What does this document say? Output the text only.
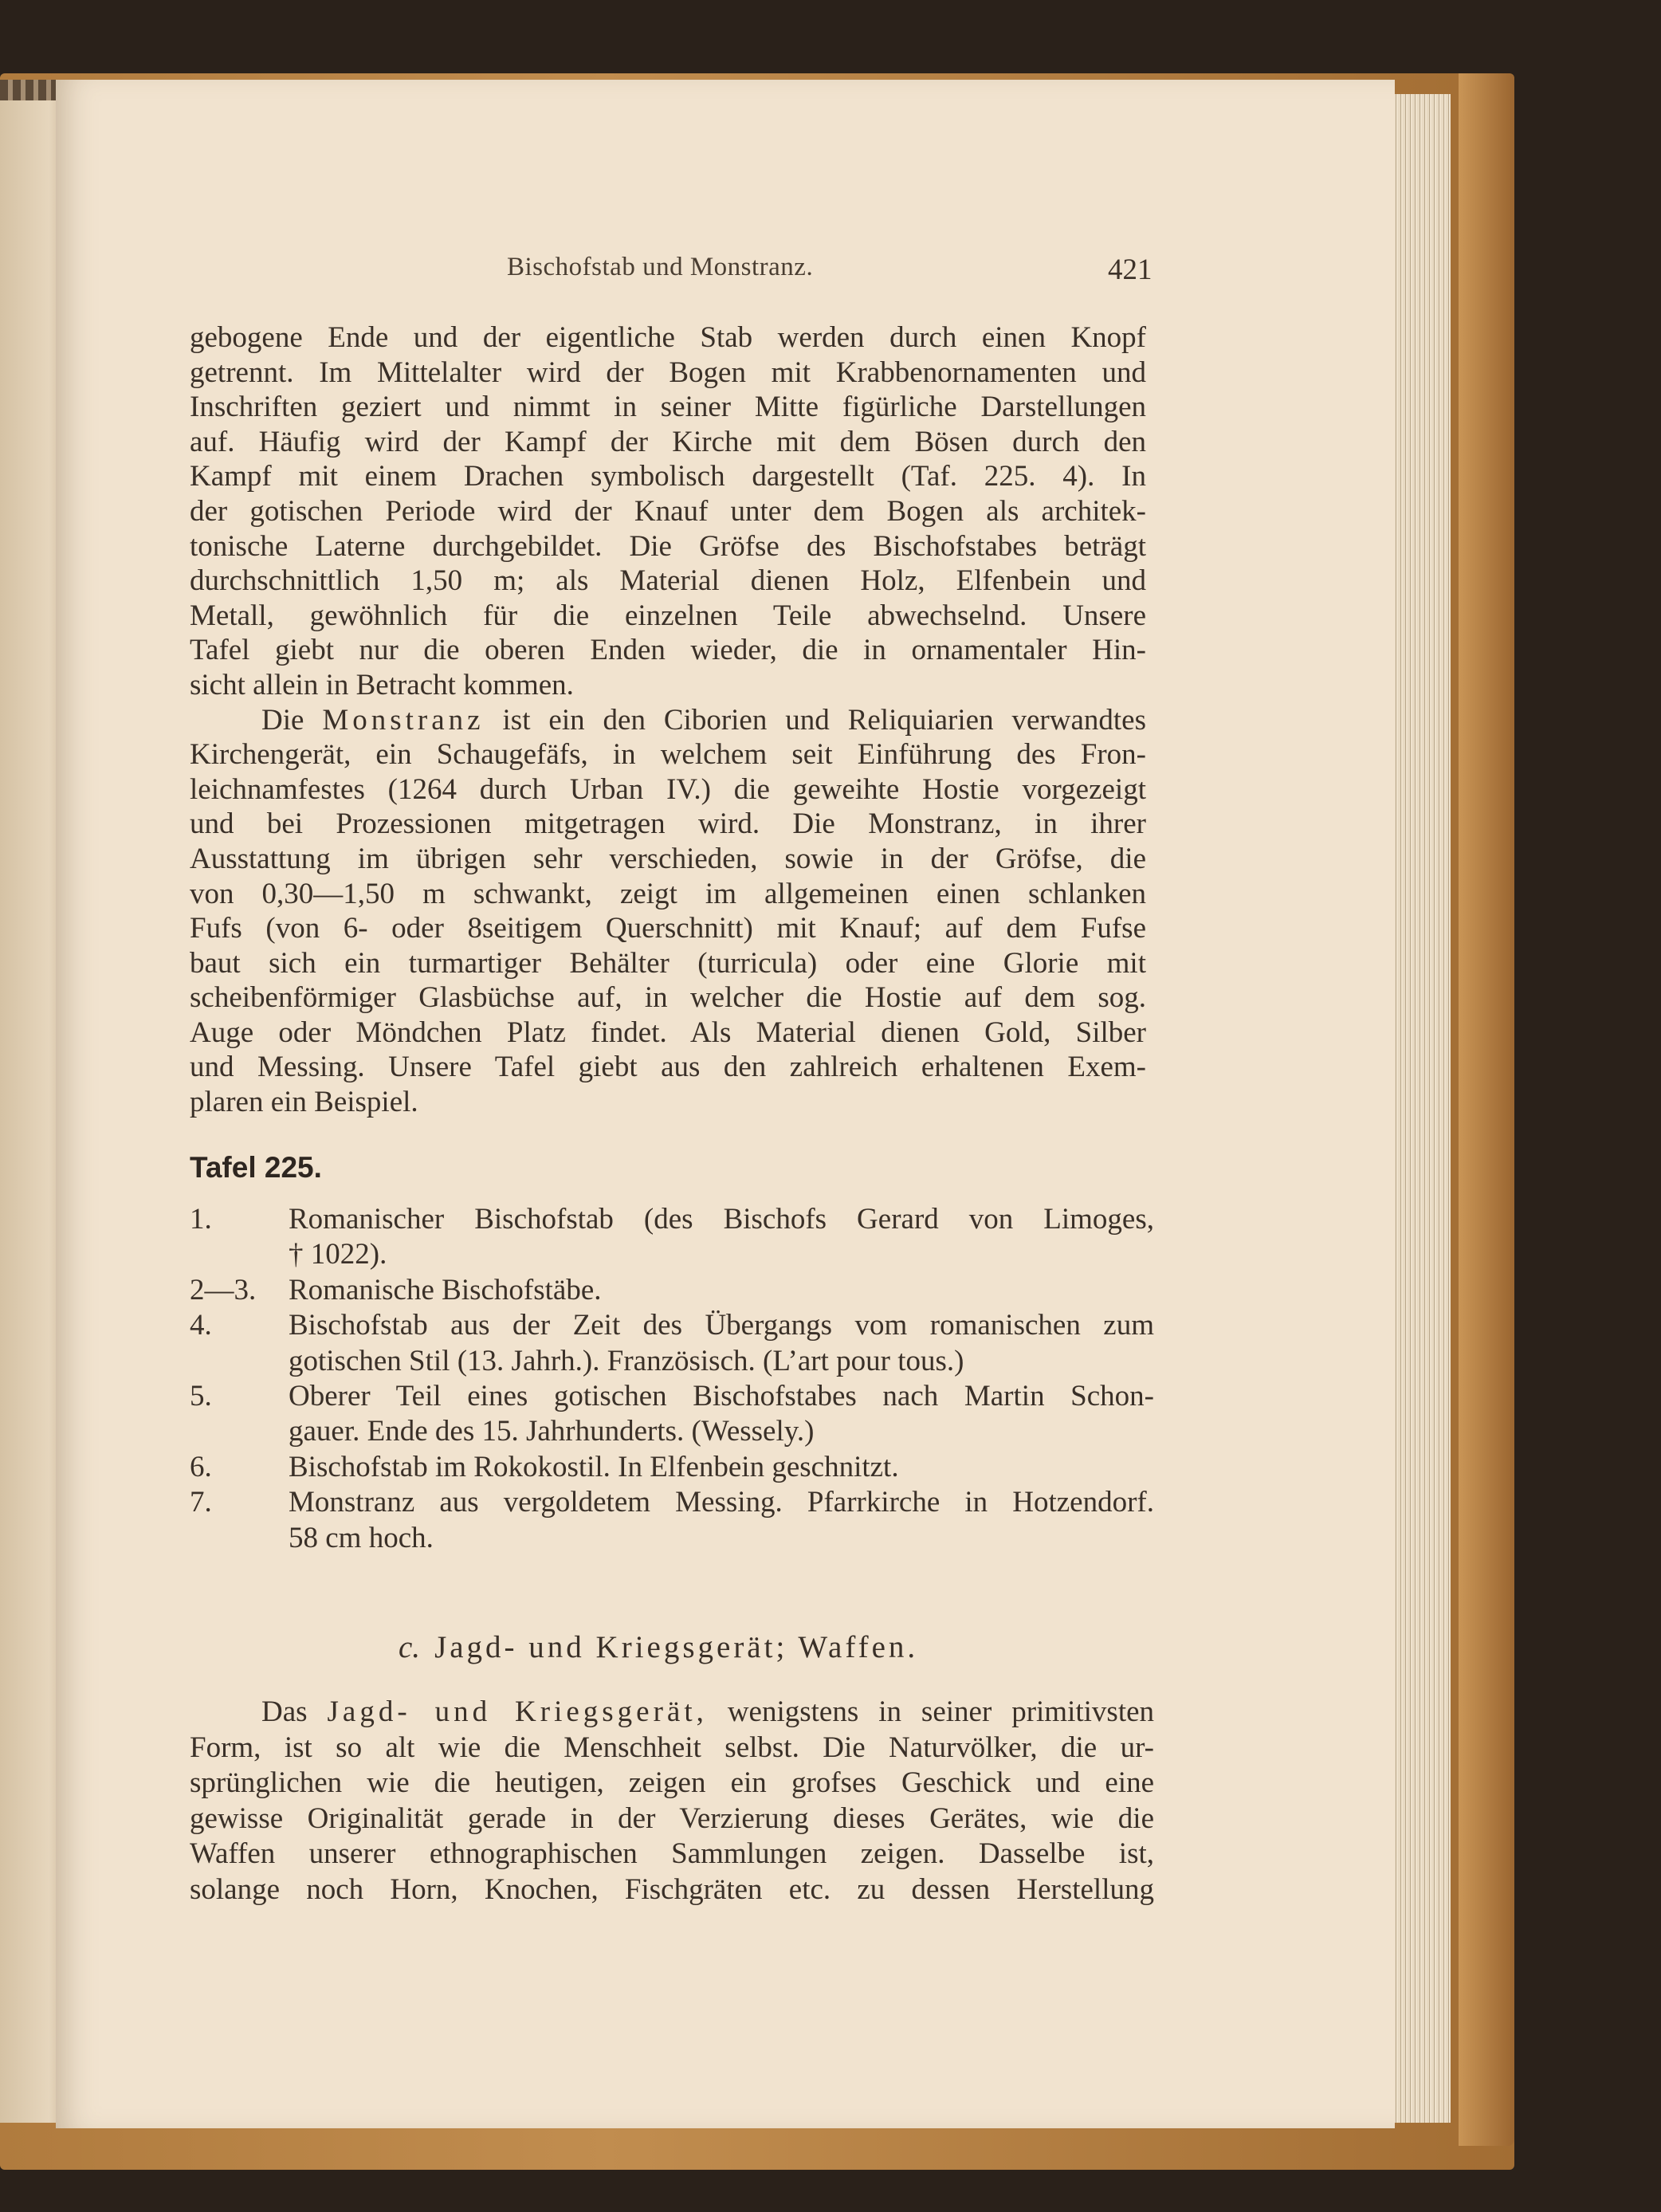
Bischofstab und Monstranz.	421

gebogene Ende und der eigentliche Stab werden durch einen Knopf
getrennt. Im Mittelalter wird der Bogen mit Krabbenornamenten und
Inschriften geziert und nimmt in seiner Mitte figürliche Darstellungen
auf. Häufig wird der Kampf der Kirche mit dem Bösen durch den
Kampf mit einem Drachen symbolisch dargestellt (Taf. 225. 4). In
der gotischen Periode wird der Knauf unter dem Bogen als architek-
tonische Laterne durchgebildet. Die Gröfse des Bischofstabes beträgt
durchschnittlich 1,50 m; als Material dienen Holz, Elfenbein und
Metall, gewöhnlich für die einzelnen Teile abwechselnd. Unsere
Tafel giebt nur die oberen Enden wieder, die in ornamentaler Hin-
sicht allein in Betracht kommen.

Die Monstranz ist ein den Ciborien und Reliquiarien verwandtes
Kirchengerät, ein Schaugefäfs, in welchem seit Einführung des Fron-
leichnamfestes (1264 durch Urban IV.) die geweihte Hostie vorgezeigt
und bei Prozessionen mitgetragen wird. Die Monstranz, in ihrer
Ausstattung im übrigen sehr verschieden, sowie in der Gröfse, die
von 0,30—1,50 m schwankt, zeigt im allgemeinen einen schlanken
Fufs (von 6- oder 8seitigem Querschnitt) mit Knauf; auf dem Fufse
baut sich ein turmartiger Behälter (turricula) oder eine Glorie mit
scheibenförmiger Glasbüchse auf, in welcher die Hostie auf dem sog.
Auge oder Möndchen Platz findet. Als Material dienen Gold, Silber
und Messing. Unsere Tafel giebt aus den zahlreich erhaltenen Exem-
plaren ein Beispiel.

Tafel 225.
1.	Romanischer Bischofstab (des Bischofs Gerard von Limoges,
† 1022).
2—3.	Romanische Bischofstäbe.
4.	Bischofstab aus der Zeit des Übergangs vom romanischen zum
gotischen Stil (13. Jahrh.). Französisch. (L’art pour tous.)
5.	Oberer Teil eines gotischen Bischofstabes nach Martin Schon-
gauer. Ende des 15. Jahrhunderts. (Wessely.)
6.	Bischofstab im Rokokostil. In Elfenbein geschnitzt.
7.	Monstranz aus vergoldetem Messing. Pfarrkirche in Hotzendorf.
58 cm hoch.
c. Jagd- und Kriegsgerät; Waffen.
Das Jagd- und Kriegsgerät, wenigstens in seiner primitivsten
Form, ist so alt wie die Menschheit selbst. Die Naturvölker, die ur-
sprünglichen wie die heutigen, zeigen ein grofses Geschick und eine
gewisse Originalität gerade in der Verzierung dieses Gerätes, wie die
Waffen unserer ethnographischen Sammlungen zeigen. Dasselbe ist,
solange noch Horn, Knochen, Fischgräten etc. zu dessen Herstellung
